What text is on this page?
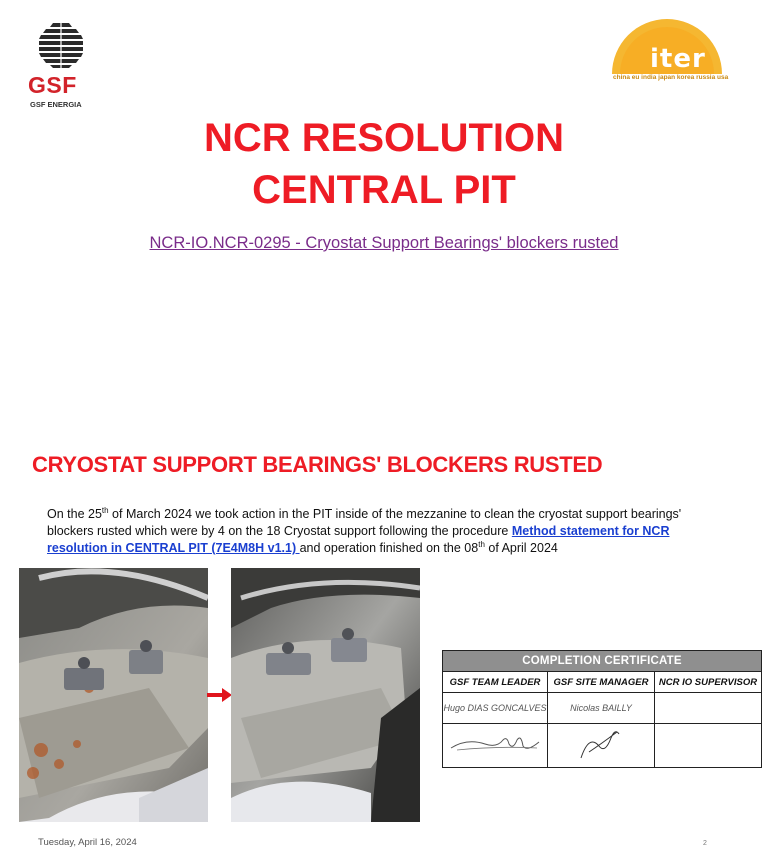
GSF
GSF ENERGIA
iter
china eu india japan korea russia usa
NCR RESOLUTION
CENTRAL PIT
NCR-IO.NCR-0295 - Cryostat Support Bearings' blockers rusted
CRYOSTAT SUPPORT BEARINGS' BLOCKERS RUSTED
On the 25th of March 2024 we took action in the PIT inside of the mezzanine to clean the cryostat support bearings' blockers rusted which were by 4 on the 18 Cryostat support following the procedure Method statement for NCR resolution in CENTRAL PIT (7E4M8H v1.1) and operation finished on the 08th of April 2024
COMPLETION CERTIFICATE		
GSF TEAM LEADER	GSF SITE MANAGER	NCR IO SUPERVISOR
Hugo DIAS GONCALVES	Nicolas BAILLY	

Tuesday, April 16, 2024	2
